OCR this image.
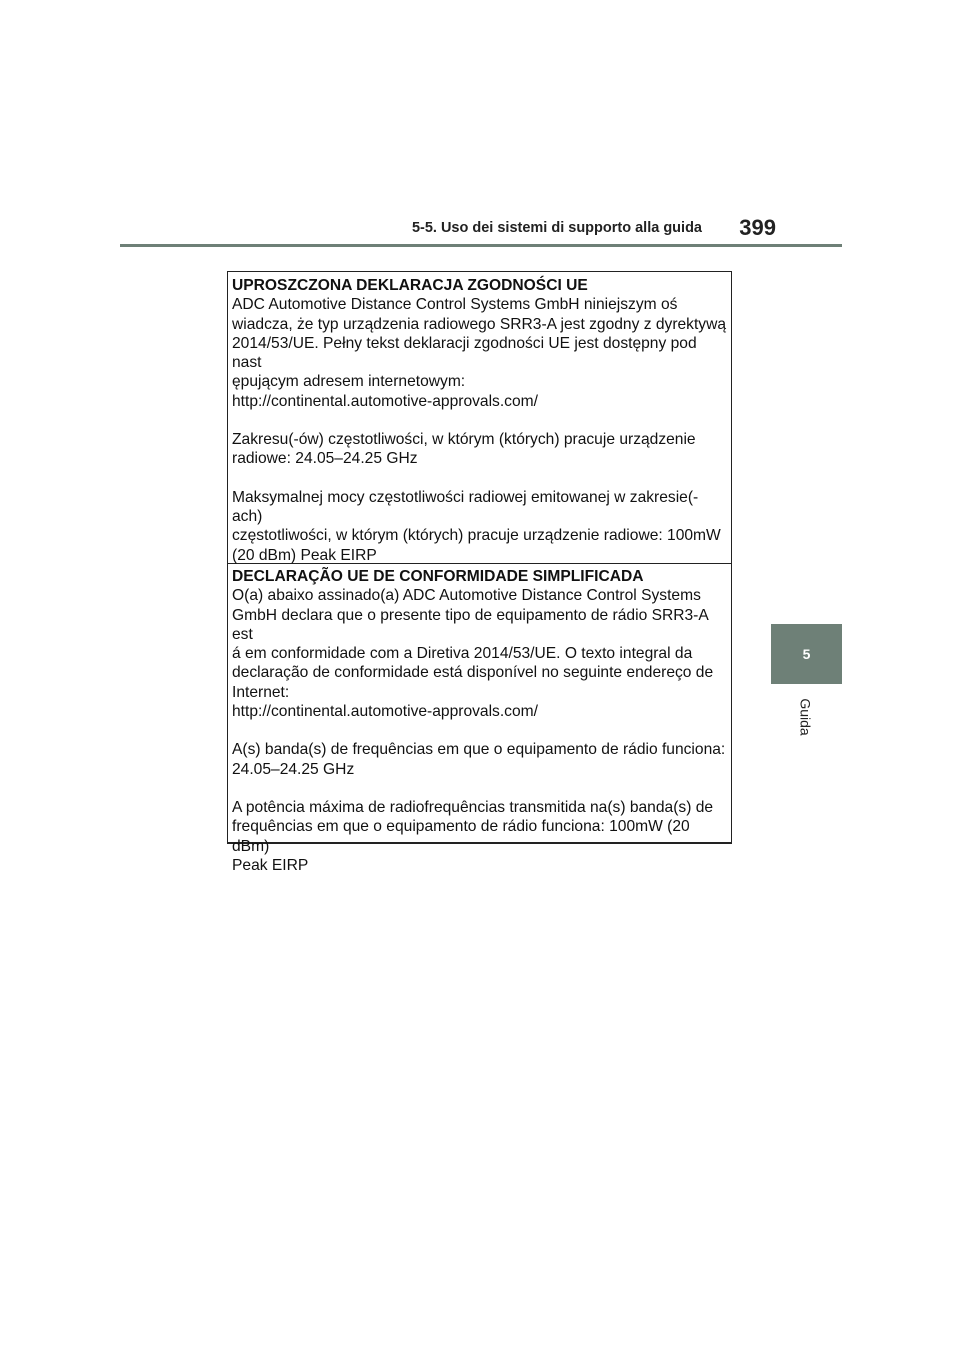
5-5. Uso dei sistemi di supporto alla guida 399
5
Guida
UPROSZCZONA DEKLARACJA ZGODNOŚCI UE

ADC Automotive Distance Control Systems GmbH niniejszym oś
wiadcza, że typ urządzenia radiowego SRR3-A jest zgodny z dyrektywą
2014/53/UE. Pełny tekst deklaracji zgodności UE jest dostępny pod nast
ępującym adresem internetowym:
http://continental.automotive-approvals.com/

Zakresu(-ów) częstotliwości, w którym (których) pracuje urządzenie
radiowe: 24.05–24.25 GHz

Maksymalnej mocy częstotliwości radiowej emitowanej w zakresie(-ach)
częstotliwości, w którym (których) pracuje urządzenie radiowe: 100mW
(20 dBm) Peak EIRP

DECLARAÇÃO UE DE CONFORMIDADE SIMPLIFICADA

O(a) abaixo assinado(a) ADC Automotive Distance Control Systems
GmbH declara que o presente tipo de equipamento de rádio SRR3-A est
á em conformidade com a Diretiva 2014/53/UE. O texto integral da
declaração de conformidade está disponível no seguinte endereço de
Internet:
http://continental.automotive-approvals.com/

A(s) banda(s) de frequências em que o equipamento de rádio funciona:
24.05–24.25 GHz

A potência máxima de radiofrequências transmitida na(s) banda(s) de
frequências em que o equipamento de rádio funciona: 100mW (20 dBm)
Peak EIRP
